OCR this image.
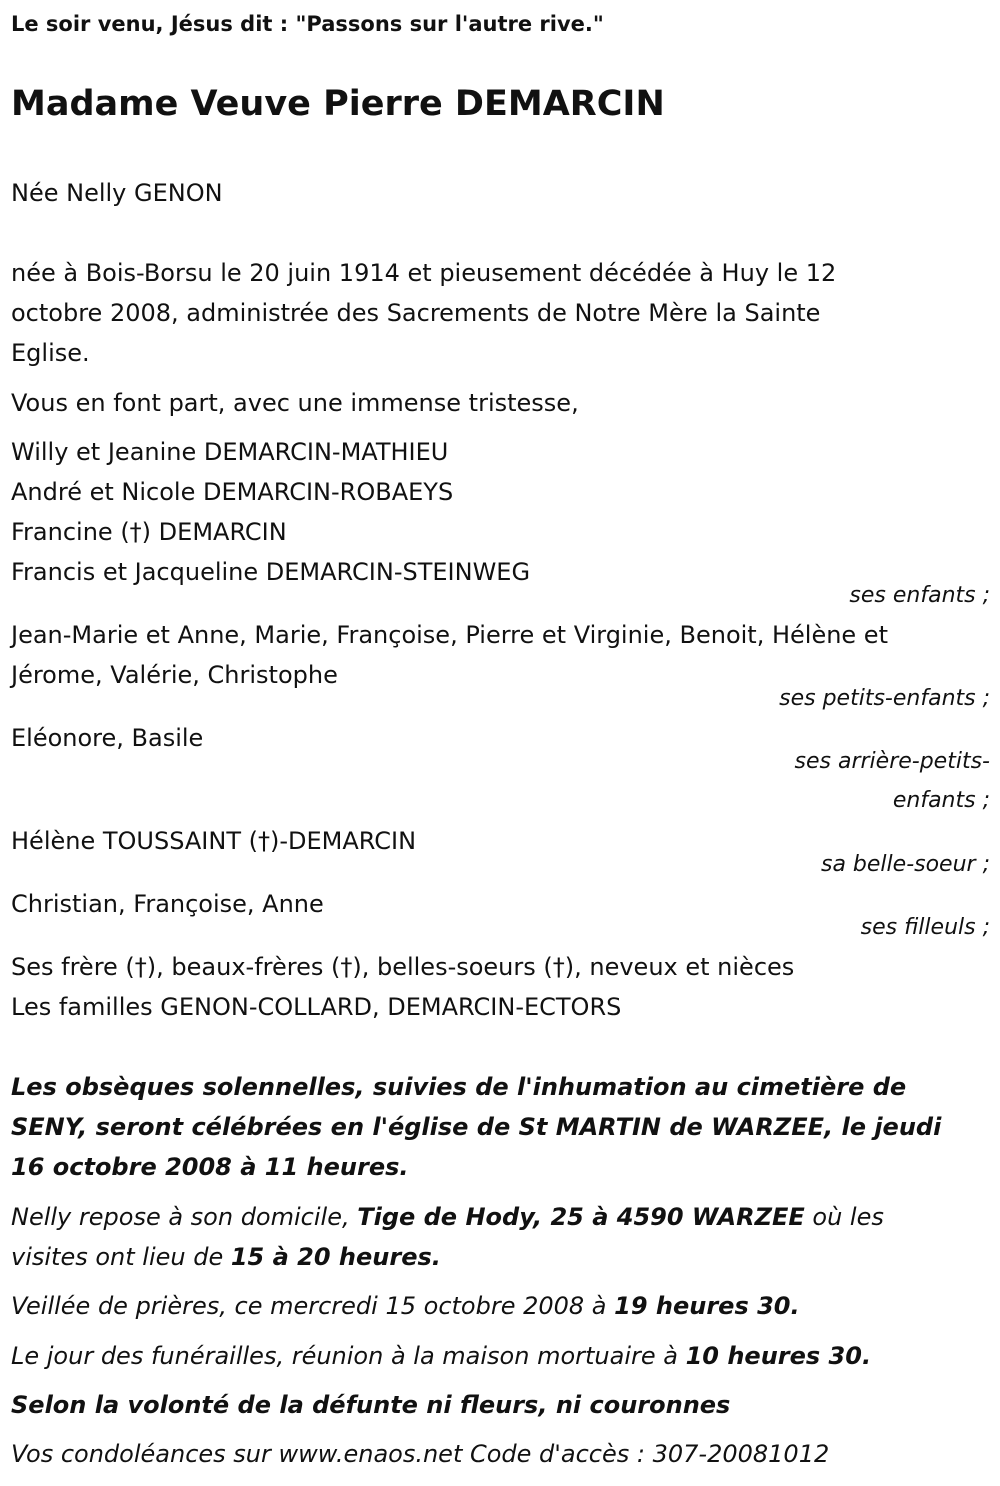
Le soir venu, Jésus dit : "Passons sur l'autre rive."
Madame Veuve Pierre DEMARCIN
Née Nelly GENON
née à Bois-Borsu le 20 juin 1914 et pieusement décédée à Huy le 12
octobre 2008, administrée des Sacrements de Notre Mère la Sainte
Eglise.
Vous en font part, avec une immense tristesse,
Willy et Jeanine DEMARCIN-MATHIEU
André et Nicole DEMARCIN-ROBAEYS
Francine (†) DEMARCIN
Francis et Jacqueline DEMARCIN-STEINWEG
ses enfants ;
Jean-Marie et Anne, Marie, Françoise, Pierre et Virginie, Benoit, Hélène et
Jérome, Valérie, Christophe
ses petits-enfants ;
Eléonore, Basile
ses arrière-petits-
enfants ;
Hélène TOUSSAINT (†)-DEMARCIN
sa belle-soeur ;
Christian, Françoise, Anne
ses filleuls ;
Ses frère (†), beaux-frères (†), belles-soeurs (†), neveux et nièces
Les familles GENON-COLLARD, DEMARCIN-ECTORS
Les obsèques solennelles, suivies de l'inhumation au cimetière de
SENY, seront célébrées en l'église de St MARTIN de WARZEE, le jeudi
16 octobre 2008 à 11 heures.
Nelly repose à son domicile, Tige de Hody, 25 à 4590 WARZEE où les
visites ont lieu de 15 à 20 heures.
Veillée de prières, ce mercredi 15 octobre 2008 à 19 heures 30.
Le jour des funérailles, réunion à la maison mortuaire à 10 heures 30.
Selon la volonté de la défunte ni fleurs, ni couronnes
Vos condoléances sur www.enaos.net Code d'accès : 307-20081012
